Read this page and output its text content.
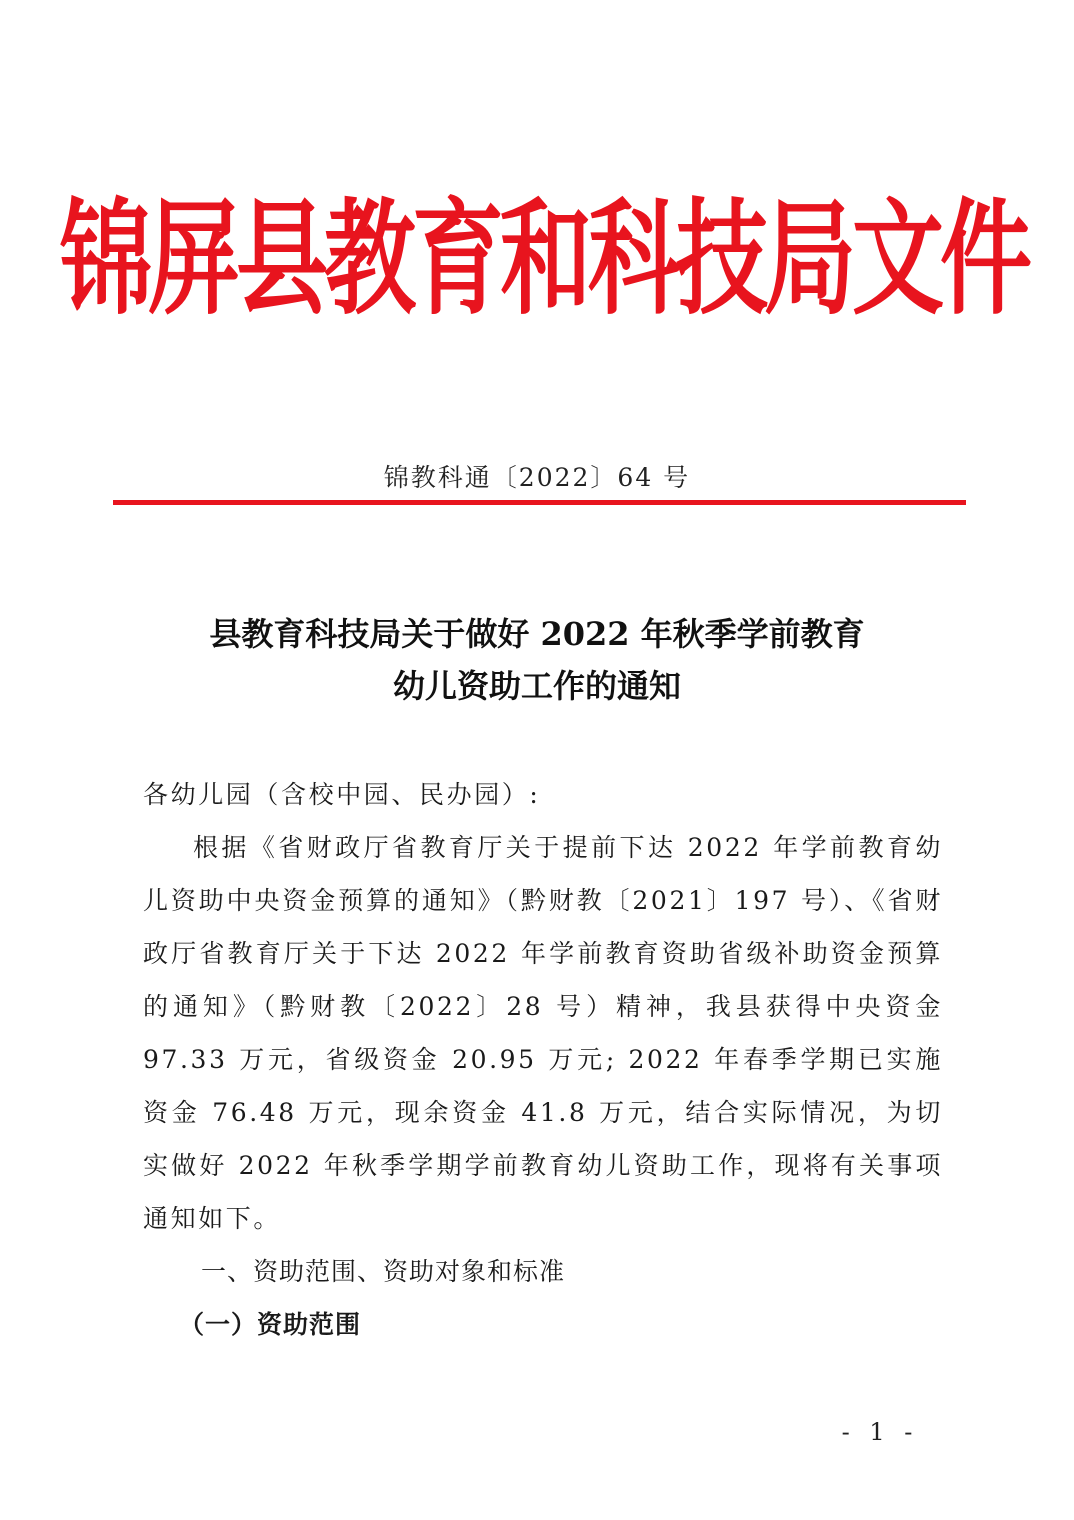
锦屏县教育和科技局文件
锦教科通〔2022〕64 号
县教育科技局关于做好 2022 年秋季学前教育
幼儿资助工作的通知
各幼儿园（含校中园、民办园）:

根据《省财政厅省教育厅关于提前下达 2022 年学前教育幼儿资助中央资金预算的通知》（黔财教〔2021〕197 号）、《省财政厅省教育厅关于下达 2022 年学前教育资助省级补助资金预算的通知》（黔财教〔2022〕28 号）精神，我县获得中央资金 97.33 万元，省级资金 20.95 万元; 2022 年春季学期已实施资金 76.48 万元，现余资金 41.8 万元，结合实际情况，为切实做好 2022 年秋季学期学前教育幼儿资助工作，现将有关事项通知如下。

一、资助范围、资助对象和标准
（一）资助范围
- 1 -
